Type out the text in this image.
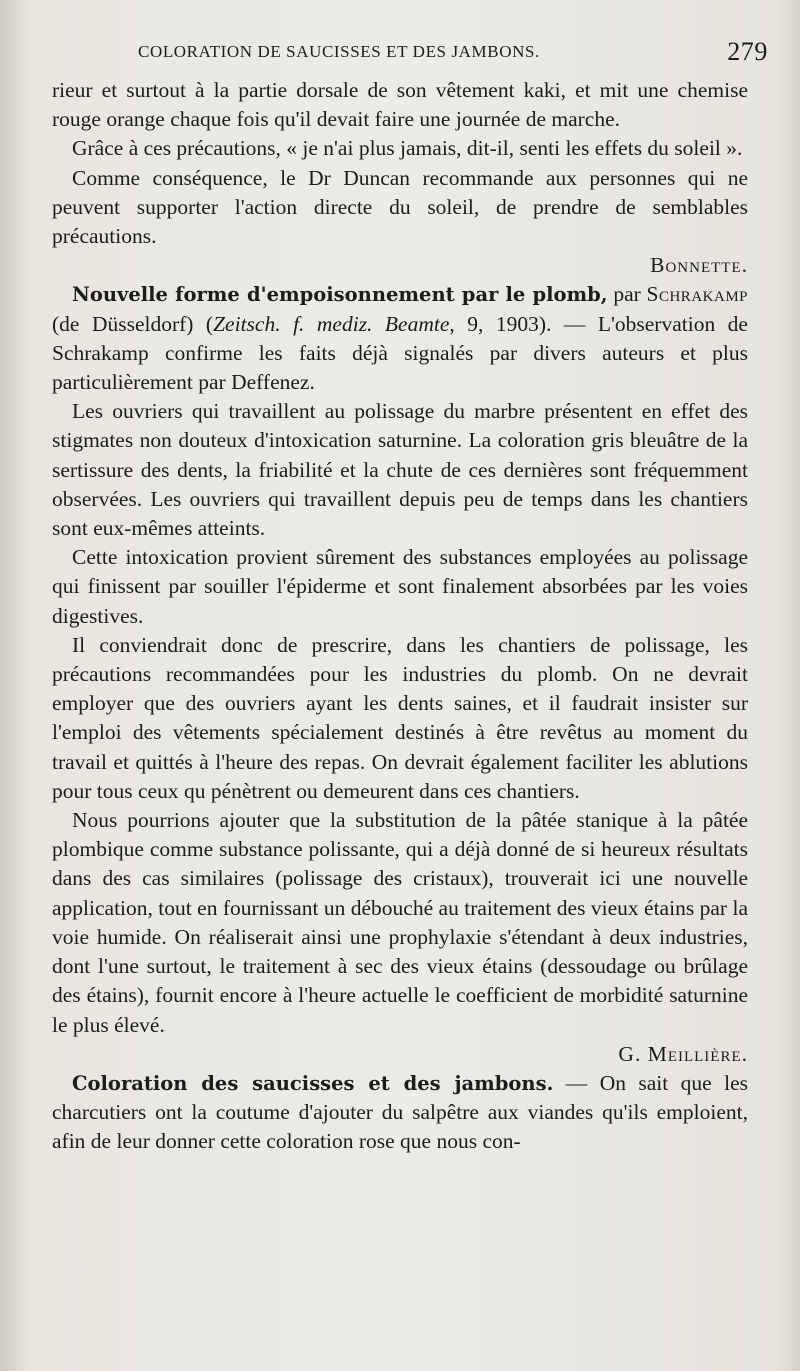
COLORATION DE SAUCISSES ET DES JAMBONS.	279

rieur et surtout à la partie dorsale de son vêtement kaki, et mit une chemise rouge orange chaque fois qu'il devait faire une journée de marche.

Grâce à ces précautions, « je n'ai plus jamais, dit-il, senti les effets du soleil ».

Comme conséquence, le Dr Duncan recommande aux personnes qui ne peuvent supporter l'action directe du soleil, de prendre de semblables précautions.

Bonnette.

Nouvelle forme d'empoisonnement par le plomb, par Schrakamp (de Düsseldorf) (Zeitsch. f. mediz. Beamte, 9, 1903). — L'observation de Schrakamp confirme les faits déjà signalés par divers auteurs et plus particulièrement par Deffenez.

Les ouvriers qui travaillent au polissage du marbre présentent en effet des stigmates non douteux d'intoxication saturnine. La coloration gris bleuâtre de la sertissure des dents, la friabilité et la chute de ces dernières sont fréquemment observées. Les ouvriers qui travaillent depuis peu de temps dans les chantiers sont eux-mêmes atteints.

Cette intoxication provient sûrement des substances employées au polissage qui finissent par souiller l'épiderme et sont finalement absorbées par les voies digestives.

Il conviendrait donc de prescrire, dans les chantiers de polissage, les précautions recommandées pour les industries du plomb. On ne devrait employer que des ouvriers ayant les dents saines, et il faudrait insister sur l'emploi des vêtements spécialement destinés à être revêtus au moment du travail et quittés à l'heure des repas. On devrait également faciliter les ablutions pour tous ceux qu pénètrent ou demeurent dans ces chantiers.

Nous pourrions ajouter que la substitution de la pâtée stanique à la pâtée plombique comme substance polissante, qui a déjà donné de si heureux résultats dans des cas similaires (polissage des cristaux), trouverait ici une nouvelle application, tout en fournissant un débouché au traitement des vieux étains par la voie humide. On réaliserait ainsi une prophylaxie s'étendant à deux industries, dont l'une surtout, le traitement à sec des vieux étains (dessoudage ou brûlage des étains), fournit encore à l'heure actuelle le coefficient de morbidité saturnine le plus élevé.

G. Meillière.

Coloration des saucisses et des jambons. — On sait que les charcutiers ont la coutume d'ajouter du salpêtre aux viandes qu'ils emploient, afin de leur donner cette coloration rose que nous con-
